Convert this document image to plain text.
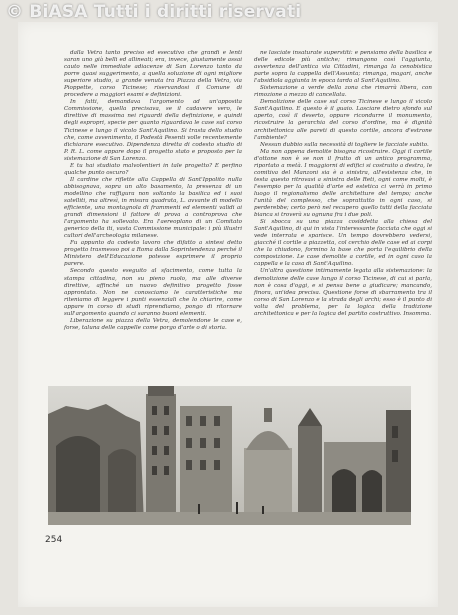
© BiASA Tutti i diritti riservati

dalla Vetra tanto preciso ed esecutivo che grandi e lenti saran uno già belli ed allineati; era, invece, giustamente assai cauto nelle immediate adiacenze di San Lorenzo tanto da porre quasi suggerimento, a quella soluzione di ogni migliore superiore studio, a grande venuta tra Piazza della Vetra, via Pioppette, corso Ticinese; riservandosi il Comune di procedere a maggiori esami e definizioni.

In fatti, demandava l'argomento ad un'apposita Commissione, quella precisava, se il cadavere vero, le direttive di massima nei riguardi della definizione, e quindi degli espropri, specie per quanto riguardava le case sul corso Ticinese e lungo il vicolo Sant'Aquilino. Si trasta dello studio che, come avvenimento, il Podestà Pesenti volle recentemente dichiarare esecutivo. Dipendenza diretta di codesto studio di P. R. L. come appare dopo il progetto stato e proposto per la sistemazione di San Lorenzo.

E tu hai studiato malvolentieri in tale progetto? E perfino qualche punto oscuro?

Il cardine che riflette alla Cappella di Sant'Ippolito nulla abbisognava, sopra un alto basamento, la presenza di un modellino che raffigura non soltanto la basilica ed i suoi satelliti, ma altresì, in misura quadrata, L. avvante di modello efficiente, una montagnola di frammenti ed elementi validi ai grandi dimensioni il fattore di prova a controprova che l'argomento ha sollevato. Era l'aereoplano di un Comitato generico della iti, vasta Commissione municipale: i più illustri cultori dell'archeologia milanese.

Fu appunto da codesto lavoro che difatto a sintesi detto progetto trasmesso poi a Roma dalla Soprintendenza perché il Ministero dell'Educazione potesse esprimere il proprio parere.

Secondo questo eseguito al sfacimento, come tutta la stampa cittadina, non su pieno ruolo, ma alle diverse direttive, affinché un nuovo definitivo progetto fosse approntato. Non ne conosciamo le caratteristiche ma riteniamo di leggere i punti essenziali che lo chiarire, come appare in corso di studi riprendiamo, pongo di ritornare sull'argomento quando ci saranno buoni elementi.

Liberazione su piazza della Vetra, demolendone le case e, forse, taluna delle cappelle come porgo d'arte o di storia.

ne lasciate insaturate superstiti: e pensiamo della basilica e delle edicole più antiche; rimangono così l'aggiunta, avvertenza dell'antica via Cittadini, rimanga la cenobistica parte sopra la cappella dell'Assunta; rimanga, magari, anche l'absidiola aggiunta in epoca tarda al Sant'Aquilino.

Sistemazione a verde della zona che rimarrà libera, con rimozione a mezzo di cancellata.

Demolizione delle case sul corso Ticinese e lungo il vicolo Sant'Aquilino. E questo è il guaio. Lasciare dietro sfondo sul aperto, così il deserto, oppure ricondurre il monumento, ricostruire la gerarchia del corso d'ordine, ma è dignità architettonica alle pareti di questo cortile, ancora d'estrone l'ambiente?

Nessun dubbio sulla necessità di togliere le facciate subito.

Ma non appena demolite bisogna ricostruire. Oggi il cortile d'ottone non è se non il frutto di un antico programma, riportato a metà. I maggiorni di edifici si costruito a destra, le comitiva del Manzoni sia è a sinistra, all'esistenza che, in testa questo ritrovasi a sinistra delle Reti, ogni come molti, è l'esempio per la qualità d'arte ed estetica ci verrà in primo luogo il regionalismo delle architetture del tempo; anche l'unità del complesso, che soprattutto in ogni caso, si perderebbe; certo però nel recupero quello tutti della facciata bianca si troverà su ognuna fra i due poli.

Si sbocca su una piazza cosiddetta alla chiesa del Sant'Aquilino, di qui in vista l'interessante facciata che oggi si vede interrata e sparisce. Un tempo dovrebbero vedersi, giacché il cortile a piazzetta, col cerchio delle case ed ai corpi che la chiudono, formino la base che porta l'equilibrio della composizione. Le case demolite a cortile, ed in ogni caso la cappella e la casa di Sant'Aquilino.

Un'altra questione intimamente legata alla sistemazione: la demolizione delle case lungo il corso Ticinese, di cui si parla, non è cosa d'oggi, e si pensa bene a giudicare; mancando, finora, un'idea precisa. Questione forse di sbarramento tra il corso di San Lorenzo e la strada degli archi; esso è il punto di volta del problema, per la logica della tradizione architettonica e per la logica del partito costruttivo. Insomma.

254
